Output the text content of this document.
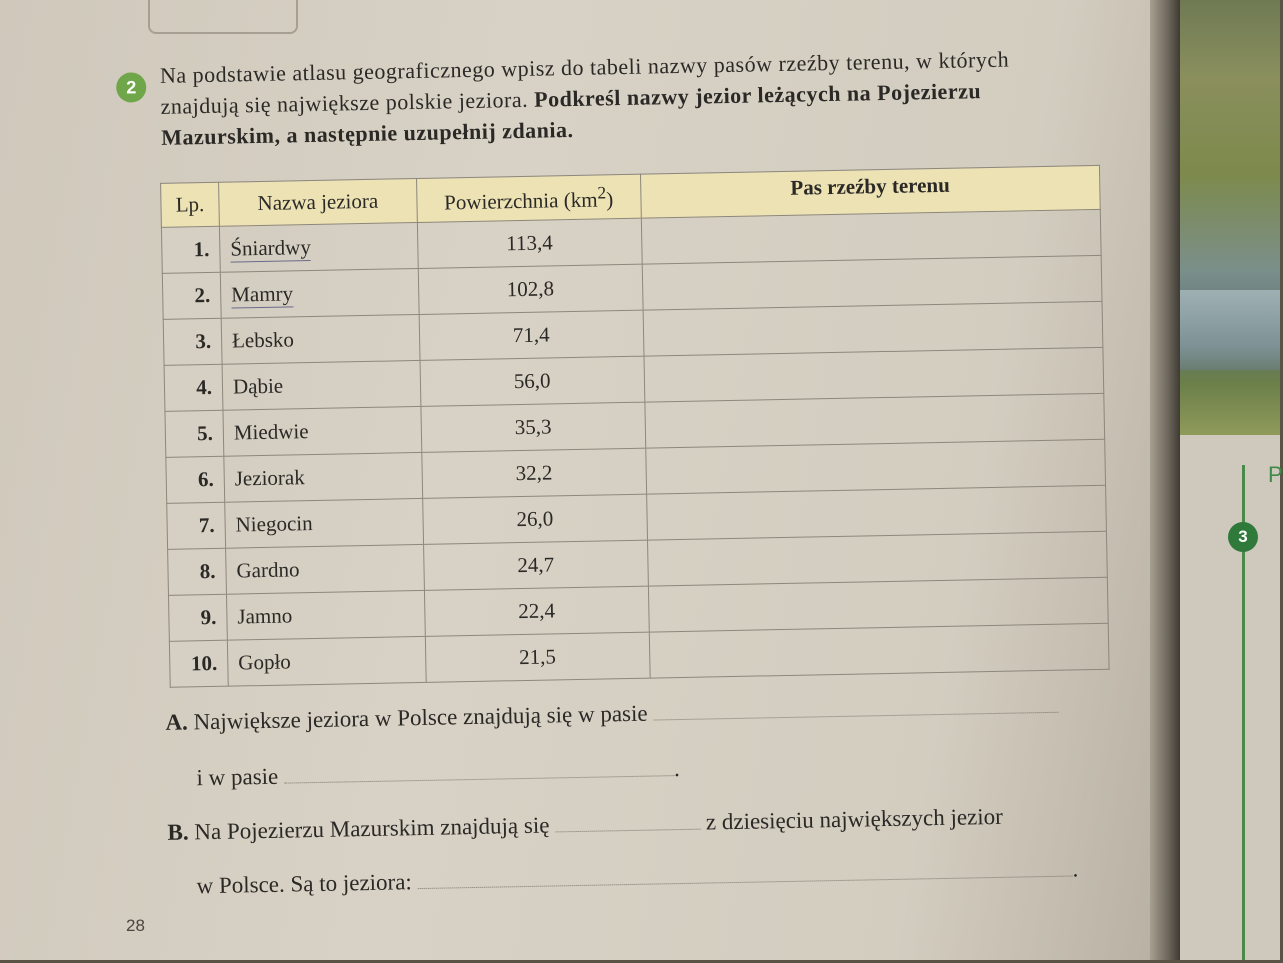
3
P
2	Na podstawie atlasu geograficznego wpisz do tabeli nazwy pasów rzeźby terenu, w których znajdują się największe polskie jeziora. Podkreśl nazwy jezior leżących na Pojezierzu Mazurskim, a następnie uzupełnij zdania.
Lp.	Nazwa jeziora	Powierzchnia $(km^2)$	Pas rzeźby terenu
1.	Śniardwy	113,4	
2.	Mamry	102,8	
3.	Łebsko	71,4	
4.	Dąbie	56,0	
5.	Miedwie	35,3	
6.	Jeziorak	32,2	
7.	Niegocin	26,0	
8.	Gardno	24,7	
9.	Jamno	22,4	
10.	Gopło	21,5	
A. Największe jeziora w Polsce znajdują się w pasie
i w pasie	.
B. Na Pojezierzu Mazurskim znajdują się	z dziesięciu największych jezior
w Polsce. Są to jeziora: .
28
